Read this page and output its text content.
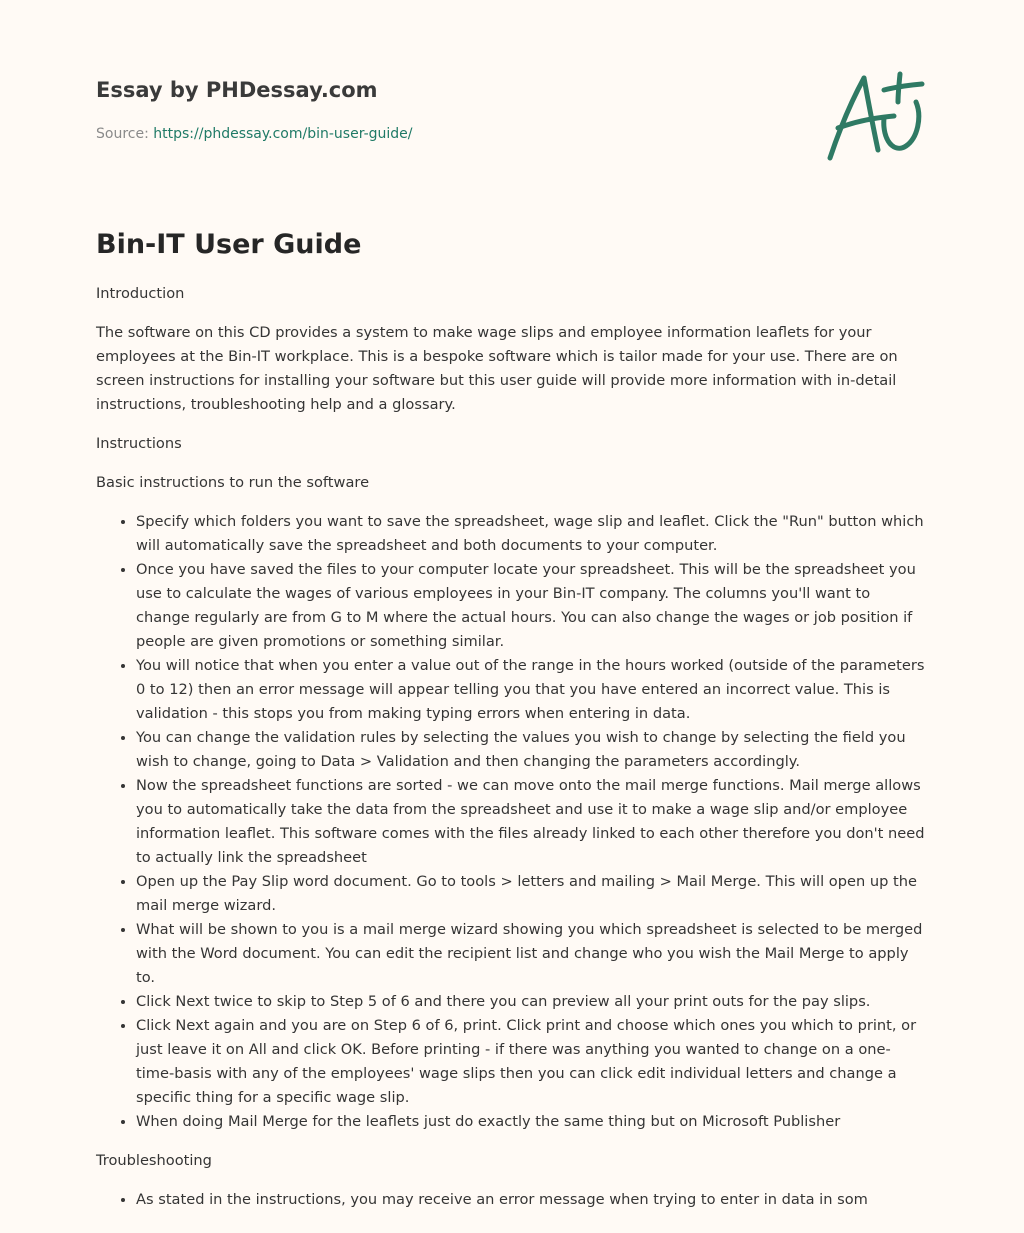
Essay by PHDessay.com
Source: https://phdessay.com/bin-user-guide/
Bin-IT User Guide

Introduction

The software on this CD provides a system to make wage slips and employee information leaflets for your employees at the Bin-IT workplace. This is a bespoke software which is tailor made for your use. There are on screen instructions for installing your software but this user guide will provide more information with in-detail instructions, troubleshooting help and a glossary.

Instructions

Basic instructions to run the software

• Specify which folders you want to save the spreadsheet, wage slip and leaflet. Click the "Run" button which will automatically save the spreadsheet and both documents to your computer.
• Once you have saved the files to your computer locate your spreadsheet. This will be the spreadsheet you use to calculate the wages of various employees in your Bin-IT company. The columns you'll want to change regularly are from G to M where the actual hours. You can also change the wages or job position if people are given promotions or something similar.
• You will notice that when you enter a value out of the range in the hours worked (outside of the parameters 0 to 12) then an error message will appear telling you that you have entered an incorrect value. This is validation - this stops you from making typing errors when entering in data.
• You can change the validation rules by selecting the values you wish to change by selecting the field you wish to change, going to Data > Validation and then changing the parameters accordingly.
• Now the spreadsheet functions are sorted - we can move onto the mail merge functions. Mail merge allows you to automatically take the data from the spreadsheet and use it to make a wage slip and/or employee information leaflet. This software comes with the files already linked to each other therefore you don't need to actually link the spreadsheet
• Open up the Pay Slip word document. Go to tools > letters and mailing > Mail Merge. This will open up the mail merge wizard.
• What will be shown to you is a mail merge wizard showing you which spreadsheet is selected to be merged with the Word document. You can edit the recipient list and change who you wish the Mail Merge to apply to.
• Click Next twice to skip to Step 5 of 6 and there you can preview all your print outs for the pay slips.
• Click Next again and you are on Step 6 of 6, print. Click print and choose which ones you which to print, or just leave it on All and click OK. Before printing - if there was anything you wanted to change on a one-time-basis with any of the employees' wage slips then you can click edit individual letters and change a specific thing for a specific wage slip.
• When doing Mail Merge for the leaflets just do exactly the same thing but on Microsoft Publisher

Troubleshooting

• As stated in the instructions, you may receive an error message when trying to enter in data in som
